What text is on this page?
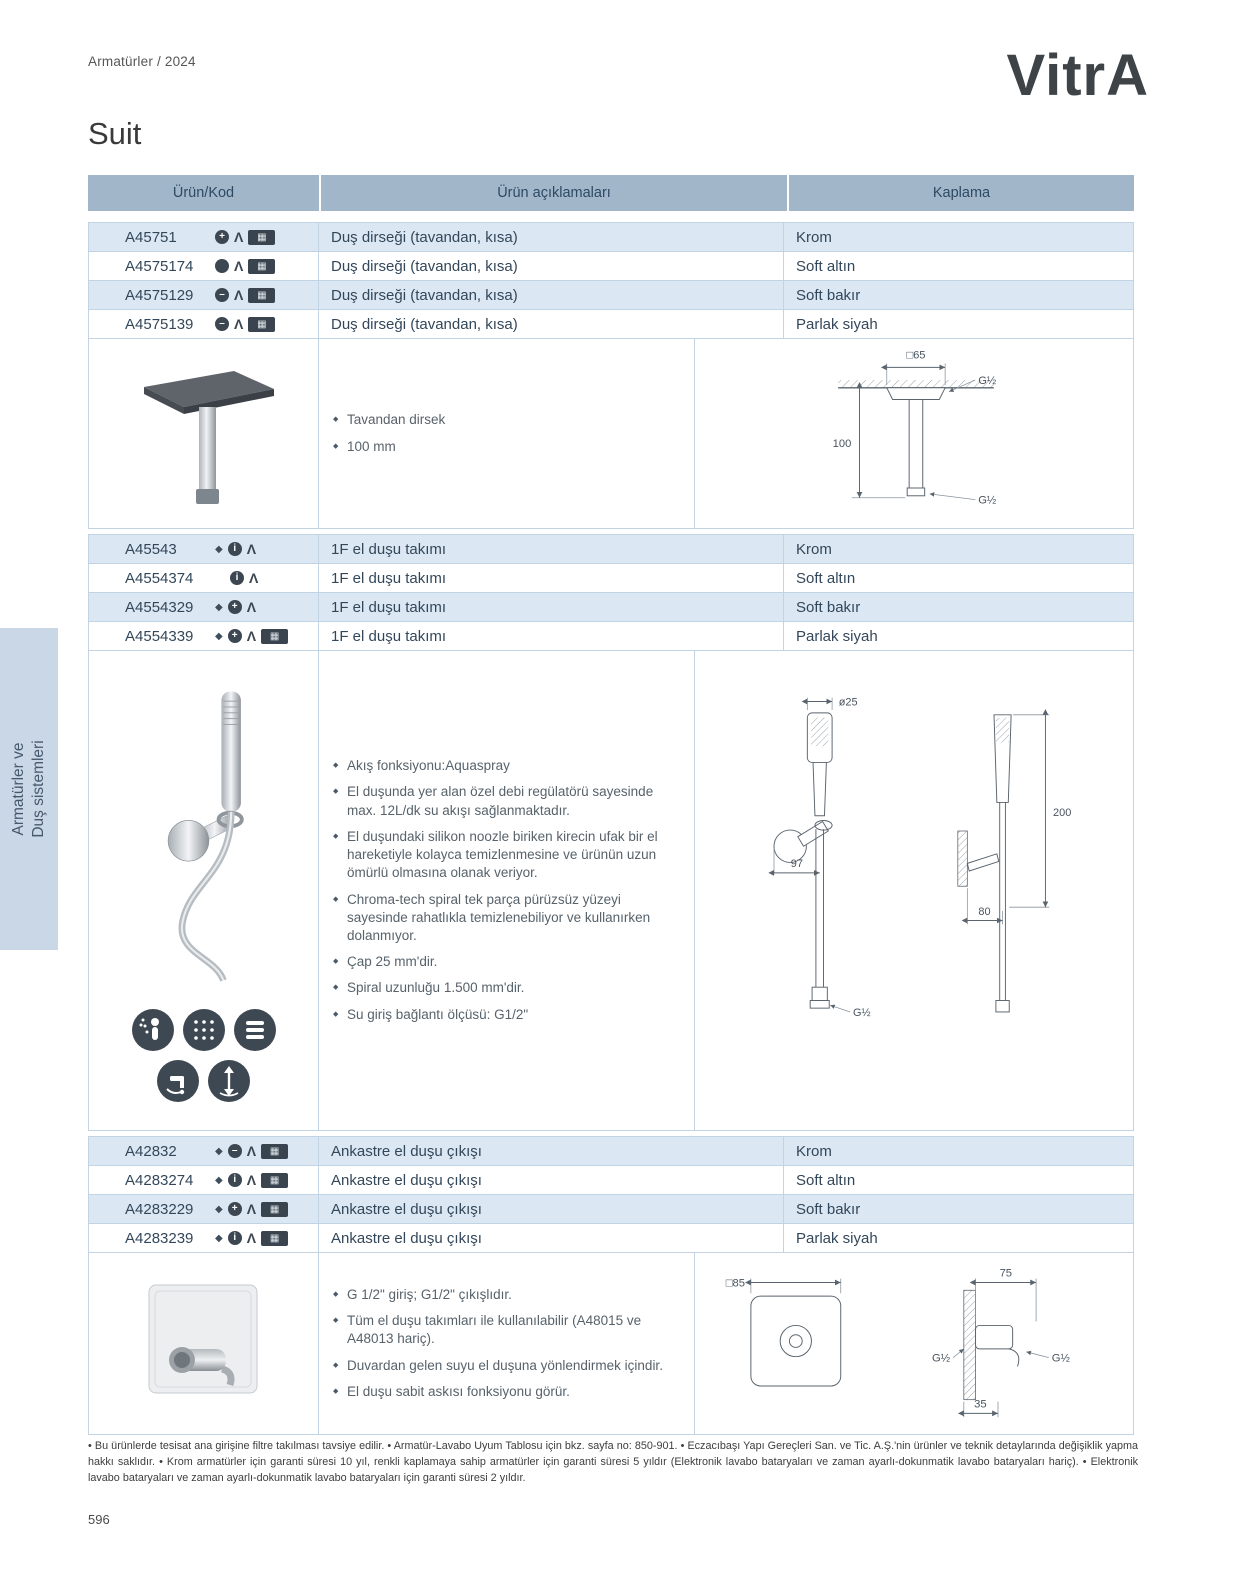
Armatürler / 2024	VitrA
Suit
Armatürler ve Duş sistemleri
Ürün/Kod	Ürün açıklamaları	Kaplama
A45751	+ Λ	▦	Duş dirseği (tavandan, kısa)	Krom
A4575174	Λ	▦	Duş dirseği (tavandan, kısa)	Soft altın
A4575129	– Λ	▦	Duş dirseği (tavandan, kısa)	Soft bakır
A4575139	– Λ	▦	Duş dirseği (tavandan, kısa)	Parlak siyah
◆ Tavandan dirsek
◆ 100 mm
□65
G½
100
G½
A45543	◆	i Λ	1F el duşu takımı	Krom
A4554374	i Λ	1F el duşu takımı	Soft altın
A4554329 ◆ + Λ	1F el duşu takımı	Soft bakır
A4554339 ◆ + Λ	▦	1F el duşu takımı	Parlak siyah
◆ Akış fonksiyonu:Aquaspray
◆ El duşunda yer alan özel debi regülatörü sayesinde max. 12L/dk su akışı sağlanmaktadır.
◆ El duşundaki silikon noozle biriken kirecin ufak bir el hareketiyle kolayca temizlenmesine ve ürünün uzun ömürlü olmasına olanak veriyor.
◆ Chroma-tech spiral tek parça pürüzsüz yüzeyi sayesinde rahatlıkla temizlenebiliyor ve kullanırken dolanmıyor.
◆ Çap 25 mm'dir.
◆ Spiral uzunluğu 1.500 mm'dir.
◆ Su giriş bağlantı ölçüsü: G1/2"
ø25
97
G½
200
80
A42832	◆ – Λ	▦	Ankastre el duşu çıkışı	Krom
A4283274 ◆	i Λ	▦	Ankastre el duşu çıkışı	Soft altın
A4283229 ◆ + Λ	▦	Ankastre el duşu çıkışı	Soft bakır
A4283239 ◆	i Λ	▦	Ankastre el duşu çıkışı	Parlak siyah
◆ G 1/2" giriş; G1/2" çıkışlıdır.
◆ Tüm el duşu takımları ile kullanılabilir (A48015 ve A48013 hariç).
◆ Duvardan gelen suyu el duşuna yönlendirmek içindir.
◆ El duşu sabit askısı fonksiyonu görür.
□85
75
G½	G½
35

• Bu ürünlerde tesisat ana girişine filtre takılması tavsiye edilir. • Armatür-Lavabo Uyum Tablosu için bkz. sayfa no: 850-901. • Eczacıbaşı Yapı Gereçleri San. ve Tic. A.Ş.'nin ürünler ve teknik detaylarında değişiklik yapma hakkı saklıdır. • Krom armatürler için garanti süresi 10 yıl, renkli kaplamaya sahip armatürler için garanti süresi 5 yıldır (Elektronik lavabo bataryaları ve zaman ayarlı-dokunmatik lavabo bataryaları hariç). • Elektronik lavabo bataryaları ve zaman ayarlı-dokunmatik lavabo bataryaları için garanti süresi 2 yıldır.

596
